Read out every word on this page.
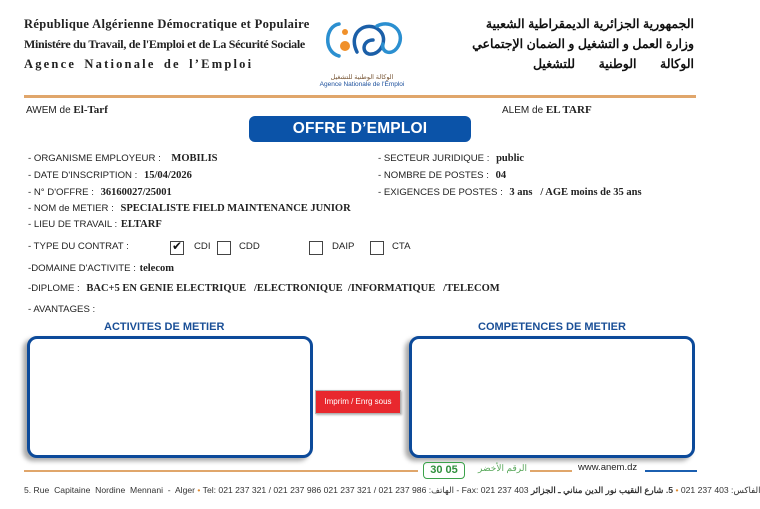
République Algérienne Démocratique et Populaire
Ministére du Travail, de l'Emploi et de La Sécurité Sociale
Agence Nationale de l’Emploi
الوكالة الوطنية للتشغيل
Agence Nationale de l'Emploi
الجمهورية الجزائرية الديمقراطية الشعبية
وزارة العمل و التشغيل و الضمان الإجتماعي
الوكالة الوطنية للتشغيل
AWEM de El-Tarf	ALEM de EL TARF
OFFRE D’EMPLOI
- ORGANISME EMPLOYEUR : MOBILIS
- DATE D'INSCRIPTION : 15/04/2026
- N° D'OFFRE : 36160027/25001
- NOM de METIER : SPECIALISTE FIELD MAINTENANCE JUNIOR
- LIEU DE TRAVAIL : ELTARF
- SECTEUR JURIDIQUE : public
- NOMBRE DE POSTES : 04
- EXIGENCES DE POSTES : 3 ans   / AGE moins de 35 ans
- TYPE DU CONTRAT :	✔ CDI	CDD	DAIP	CTA
-DOMAINE D'ACTIVITE : telecom
-DIPLOME : BAC+5 EN GENIE ELECTRIQUE   /ELECTRONIQUE  /INFORMATIQUE   /TELECOM
- AVANTAGES :
ACTIVITES DE METIER	COMPETENCES DE METIER
Imprim / Enrg sous
30 05	الرقم الأخضر	www.anem.dz
5. Rue  Capitaine  Nordine  Mennani  -  Alger • Tel: 021 237 321 / 021 237 986 الهاتف: 986 237 021 / 321 237 021 - Fax: 021 237 403	الفاكس: 403 237 021 • 5. شارع النقيب نور الدين مناني ـ الجزائر
